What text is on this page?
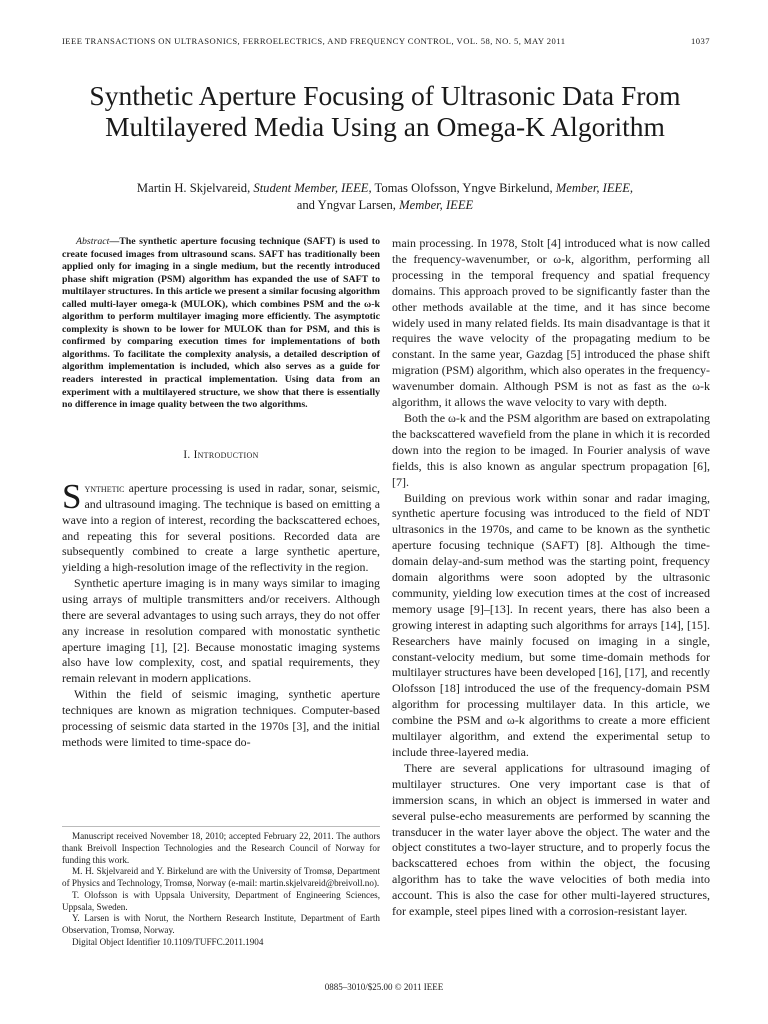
IEEE TRANSACTIONS ON ULTRASONICS, FERROELECTRICS, AND FREQUENCY CONTROL, VOL. 58, NO. 5, MAY 2011	1037
Synthetic Aperture Focusing of Ultrasonic Data From Multilayered Media Using an Omega-K Algorithm
Martin H. Skjelvareid, Student Member, IEEE, Tomas Olofsson, Yngve Birkelund, Member, IEEE,
and Yngvar Larsen, Member, IEEE

Abstract—The synthetic aperture focusing technique (SAFT) is used to create focused images from ultrasound scans. SAFT has traditionally been applied only for imaging in a single medium, but the recently introduced phase shift migration (PSM) algorithm has expanded the use of SAFT to multilayer structures. In this article we present a similar focusing algorithm called multi-layer omega-k (MULOK), which combines PSM and the ω-k algorithm to perform multilayer imaging more efficiently. The asymptotic complexity is shown to be lower for MULOK than for PSM, and this is confirmed by comparing execution times for implementations of both algorithms. To facilitate the complexity analysis, a detailed description of algorithm implementation is included, which also serves as a guide for readers interested in practical implementation. Using data from an experiment with a multilayered structure, we show that there is essentially no difference in image quality between the two algorithms.

I. Introduction

Synthetic aperture processing is used in radar, sonar, seismic, and ultrasound imaging. The technique is based on emitting a wave into a region of interest, recording the backscattered echoes, and repeating this for several positions. Recorded data are subsequently combined to create a large synthetic aperture, yielding a high-resolution image of the reflectivity in the region.

Synthetic aperture imaging is in many ways similar to imaging using arrays of multiple transmitters and/or receivers. Although there are several advantages to using such arrays, they do not offer any increase in resolution compared with monostatic synthetic aperture imaging [1], [2]. Because monostatic imaging systems also have low complexity, cost, and spatial requirements, they remain relevant in modern applications.

Within the field of seismic imaging, synthetic aperture techniques are known as migration techniques. Computer-based processing of seismic data started in the 1970s [3], and the initial methods were limited to time-space do-

Manuscript received November 18, 2010; accepted February 22, 2011. The authors thank Breivoll Inspection Technologies and the Research Council of Norway for funding this work.

M. H. Skjelvareid and Y. Birkelund are with the University of Tromsø, Department of Physics and Technology, Tromsø, Norway (e-mail: martin.skjelvareid@breivoll.no).

T. Olofsson is with Uppsala University, Department of Engineering Sciences, Uppsala, Sweden.

Y. Larsen is with Norut, the Northern Research Institute, Department of Earth Observation, Tromsø, Norway.

Digital Object Identifier 10.1109/TUFFC.2011.1904

main processing. In 1978, Stolt [4] introduced what is now called the frequency-wavenumber, or ω-k, algorithm, performing all processing in the temporal frequency and spatial frequency domains. This approach proved to be significantly faster than the other methods available at the time, and it has since become widely used in many related fields. Its main disadvantage is that it requires the wave velocity of the propagating medium to be constant. In the same year, Gazdag [5] introduced the phase shift migration (PSM) algorithm, which also operates in the frequency-wavenumber domain. Although PSM is not as fast as the ω-k algorithm, it allows the wave velocity to vary with depth.

Both the ω-k and the PSM algorithm are based on extrapolating the backscattered wavefield from the plane in which it is recorded down into the region to be imaged. In Fourier analysis of wave fields, this is also known as angular spectrum propagation [6], [7].

Building on previous work within sonar and radar imaging, synthetic aperture focusing was introduced to the field of NDT ultrasonics in the 1970s, and came to be known as the synthetic aperture focusing technique (SAFT) [8]. Although the time-domain delay-and-sum method was the starting point, frequency domain algorithms were soon adopted by the ultrasonic community, yielding low execution times at the cost of increased memory usage [9]–[13]. In recent years, there has also been a growing interest in adapting such algorithms for arrays [14], [15]. Researchers have mainly focused on imaging in a single, constant-velocity medium, but some time-domain methods for multilayer structures have been developed [16], [17], and recently Olofsson [18] introduced the use of the frequency-domain PSM algorithm for processing multilayer data. In this article, we combine the PSM and ω-k algorithms to create a more efficient multilayer algorithm, and extend the experimental setup to include three-layered media.

There are several applications for ultrasound imaging of multilayer structures. One very important case is that of immersion scans, in which an object is immersed in water and several pulse-echo measurements are performed by scanning the transducer in the water layer above the object. The water and the object constitutes a two-layer structure, and to properly focus the backscattered echoes from within the object, the focusing algorithm has to take the wave velocities of both media into account. This is also the case for other multi-layered structures, for example, steel pipes lined with a corrosion-resistant layer.

0885–3010/$25.00 © 2011 IEEE
